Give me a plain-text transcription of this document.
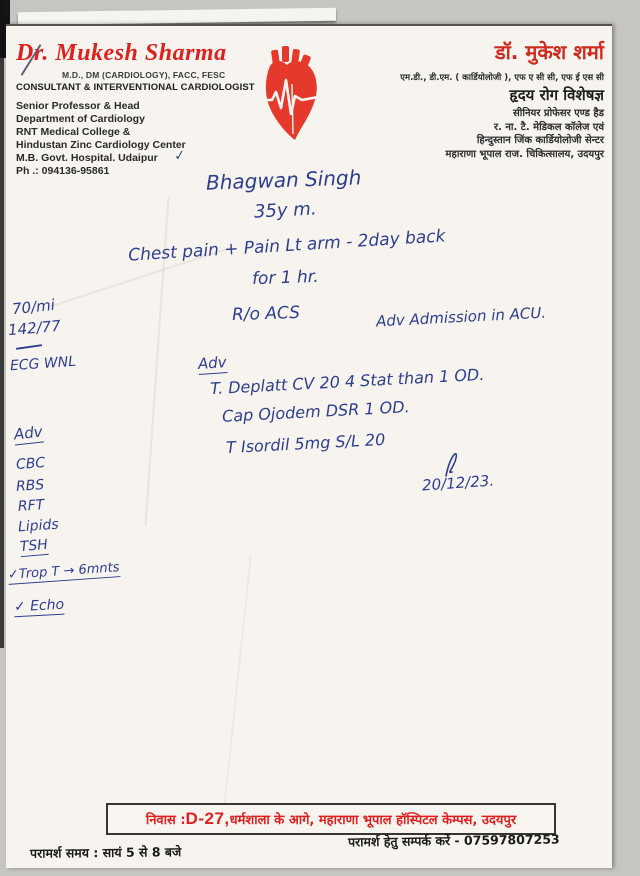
Dr. Mukesh Sharma
M.D., DM (CARDIOLOGY), FACC, FESC
CONSULTANT & INTERVENTIONAL CARDIOLOGIST
Senior Professor & Head
Department of Cardiology
RNT Medical College &
Hindustan Zinc Cardiology Center
M.B. Govt. Hospital. Udaipur
Ph .: 094136-95861
✓
डॉ. मुकेश शर्मा
एम.डी., डी.एम. ( कार्डियोलोजी ), एफ ए सी सी, एफ ई एस सी
हृदय रोग विशेषज्ञ
सीनियर प्रोफेसर एण्ड हैड
र. ना. टै. मेडिकल कॉलेज एवं
हिन्दुस्तान जिंक कार्डियोलोजी सेन्टर
महाराणा भूपाल राज. चिकित्सालय, उदयपुर
Bhagwan Singh
35y m.
Chest pain + Pain Lt arm - 2day back
for 1 hr.
R/o ACS	Adv Admission in ACU.
Adv
T. Deplatt CV 20 4 Stat than 1 OD.
Cap Ojodem DSR 1 OD.
T Isordil 5mg S/L 20
20/12/23.
70/mi
142/77
ECG WNL
Adv
CBC
RBS
RFT
Lipids
TSH
✓Trop T → 6mnts
✓ Echo
निवास : D-27, धर्मशाला के आगे, महाराणा भूपाल हॉस्पिटल केम्पस, उदयपुर
परामर्श समय : सायं 5 से 8 बजे
परामर्श हेतु सम्पर्क करें - 07597807253
